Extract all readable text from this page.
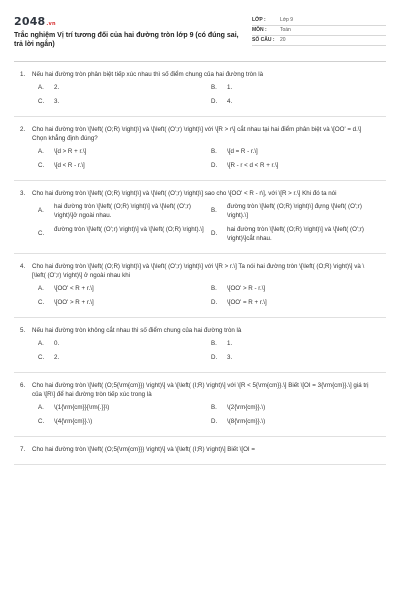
2048.vn
Trắc nghiệm Vị trí tương đối của hai đường tròn lớp 9 (có đúng sai, trả lời ngắn)
LỚP :	Lớp 9
MÔN :	Toán
SỐ CÂU :	20
1.	Nếu hai đường tròn phân biệt tiếp xúc nhau thì số điểm chung của hai đường tròn là
A.	2.	B.	1.
C.	3.	D.	4.
2.	Cho hai đường tròn \[\left( (O;R) \right)\] và \[\left( (O';r) \right)\] với \[R > r\] cắt nhau tại hai điểm phân biệt và \[OO' = d.\] Chọn khẳng định đúng?
A.	\[d > R + r.\]	B.	\[d = R - r.\]
C.	\[d < R - r.\]	D.	\[R - r < d < R + r.\]
3.	Cho hai đường tròn \[\left( (O;R) \right)\] và \[\left( (O';r) \right)\] sao cho \[OO' < R - r\], với \[R > r.\] Khi đó ta nói
A.
hai đường tròn \[\left( (O;R) \right)\] và \[\left( (O';r) \right)\]ở ngoài nhau.
B.
đường tròn \[\left( (O;R) \right)\] đựng \[\left( (O';r) \right).\]
C.
đường tròn \[\left( (O';r) \right)\] và \[\left( (O;R) \right).\]
D.
hai đường tròn \[\left( (O;R) \right)\] và \[\left( (O';r) \right)\]cắt nhau.
4.	Cho hai đường tròn \[\left( (O;R) \right)\] và \[\left( (O';r) \right)\] với \[R > r.\] Ta nói hai đường tròn \[\left( (O;R) \right)\] và \[\left( (O';r) \right)\] ở ngoài nhau khi
A.	\[OO' < R + r.\]	B.	\[OO' > R - r.\]
C.	\[OO' > R + r.\]	D.	\[OO' = R + r.\]
5.	Nếu hai đường tròn không cắt nhau thì số điểm chung của hai đường tròn là
A.	0.	B.	1.
C.	2.	D.	3.
6.	Cho hai đường tròn \[\left( (O;5{\rm{cm}}) \right)\] và \[\left( (I;R) \right)\] với \[R < 5{\rm{cm}}.\] Biết \[OI = 3{\rm{cm}}.\] giá trị của \[R\] để hai đường tròn tiếp xúc trong là
A.	\(1{\rm{cm}}{\rm{.}}\)	B.	\(2{\rm{cm}}.\)
C.	\(4{\rm{cm}}.\)	D.	\(8{\rm{cm}}.\)
7.	Cho hai đường tròn \[\left( (O;5{\rm{cm}}) \right)\] và \[\left( (I;R) \right)\] Biết \[OI =
